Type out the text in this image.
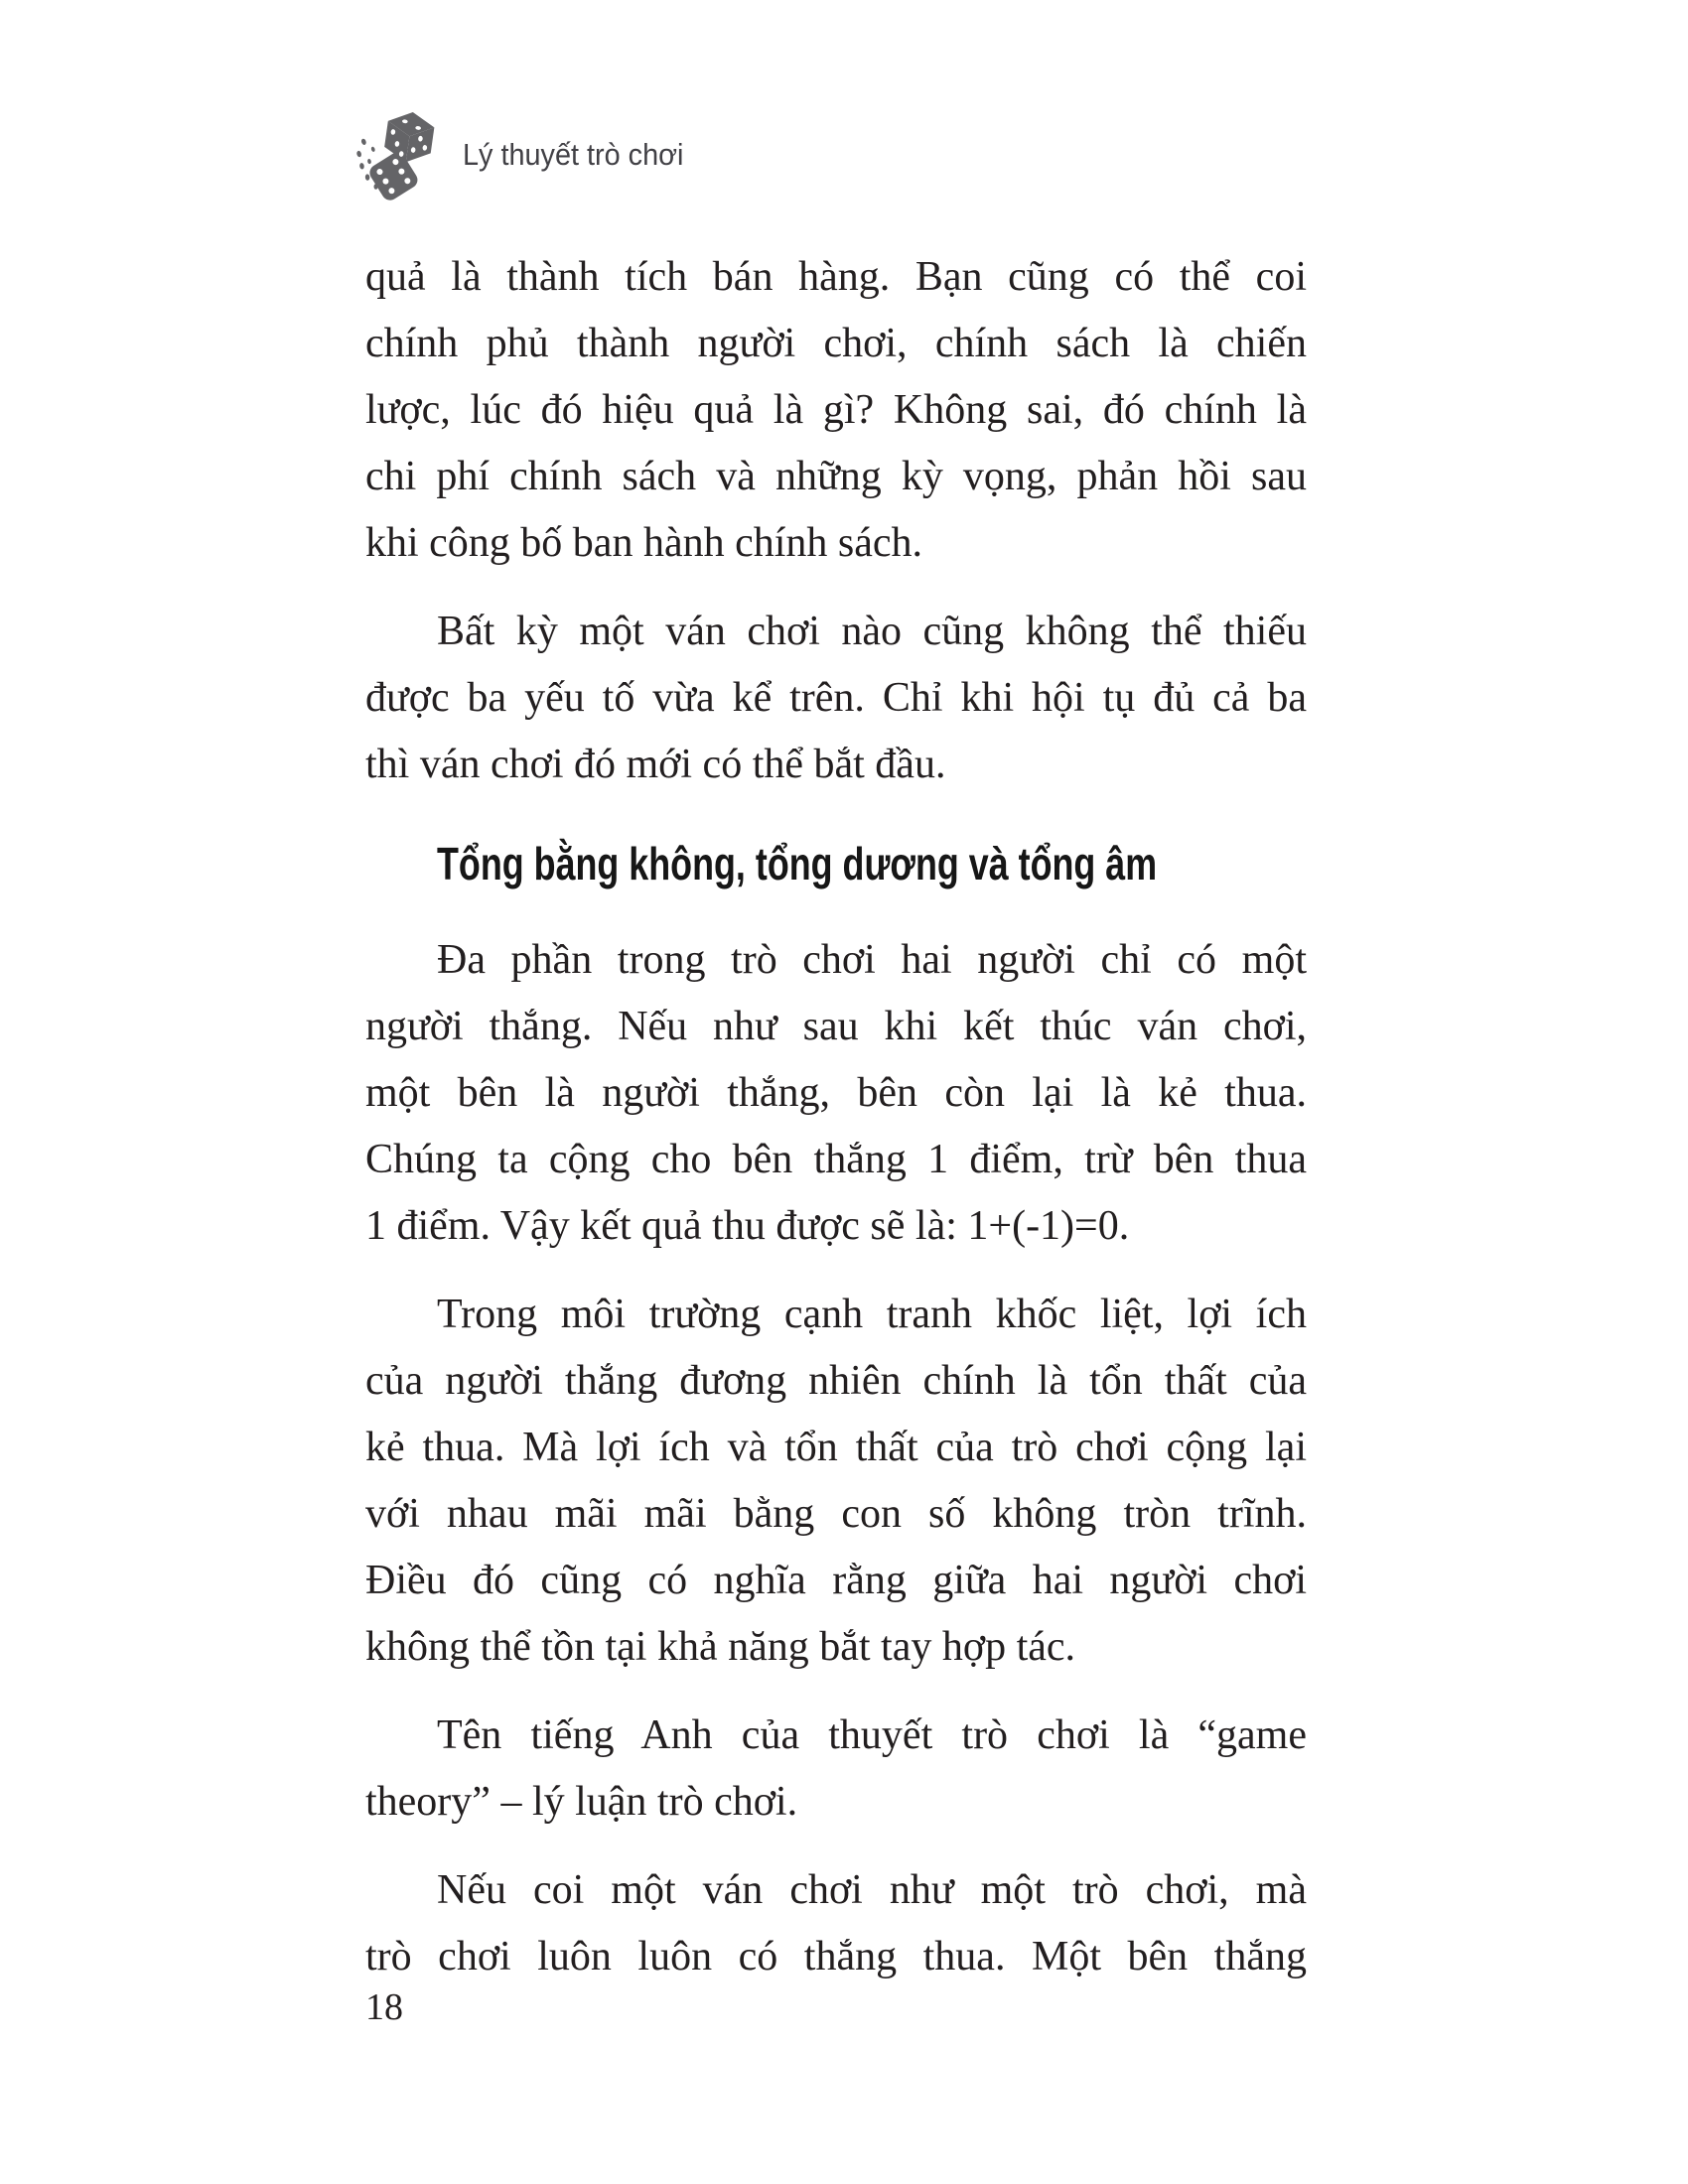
Lý thuyết trò chơi
quả là thành tích bán hàng. Bạn cũng có thể coi
chính phủ thành người chơi, chính sách là chiến
lược, lúc đó hiệu quả là gì? Không sai, đó chính là
chi phí chính sách và những kỳ vọng, phản hồi sau
khi công bố ban hành chính sách.
Bất kỳ một ván chơi nào cũng không thể thiếu
được ba yếu tố vừa kể trên. Chỉ khi hội tụ đủ cả ba
thì ván chơi đó mới có thể bắt đầu.
Tổng bằng không, tổng dương và tổng âm
Đa phần trong trò chơi hai người chỉ có một
người thắng. Nếu như sau khi kết thúc ván chơi,
một bên là người thắng, bên còn lại là kẻ thua.
Chúng ta cộng cho bên thắng 1 điểm, trừ bên thua
1 điểm. Vậy kết quả thu được sẽ là: 1+(-1)=0.
Trong môi trường cạnh tranh khốc liệt, lợi ích
của người thắng đương nhiên chính là tổn thất của
kẻ thua. Mà lợi ích và tổn thất của trò chơi cộng lại
với nhau mãi mãi bằng con số không tròn trĩnh.
Điều đó cũng có nghĩa rằng giữa hai người chơi
không thể tồn tại khả năng bắt tay hợp tác.
Tên tiếng Anh của thuyết trò chơi là “game
theory” – lý luận trò chơi.
Nếu coi một ván chơi như một trò chơi, mà
trò chơi luôn luôn có thắng thua. Một bên thắng
18
